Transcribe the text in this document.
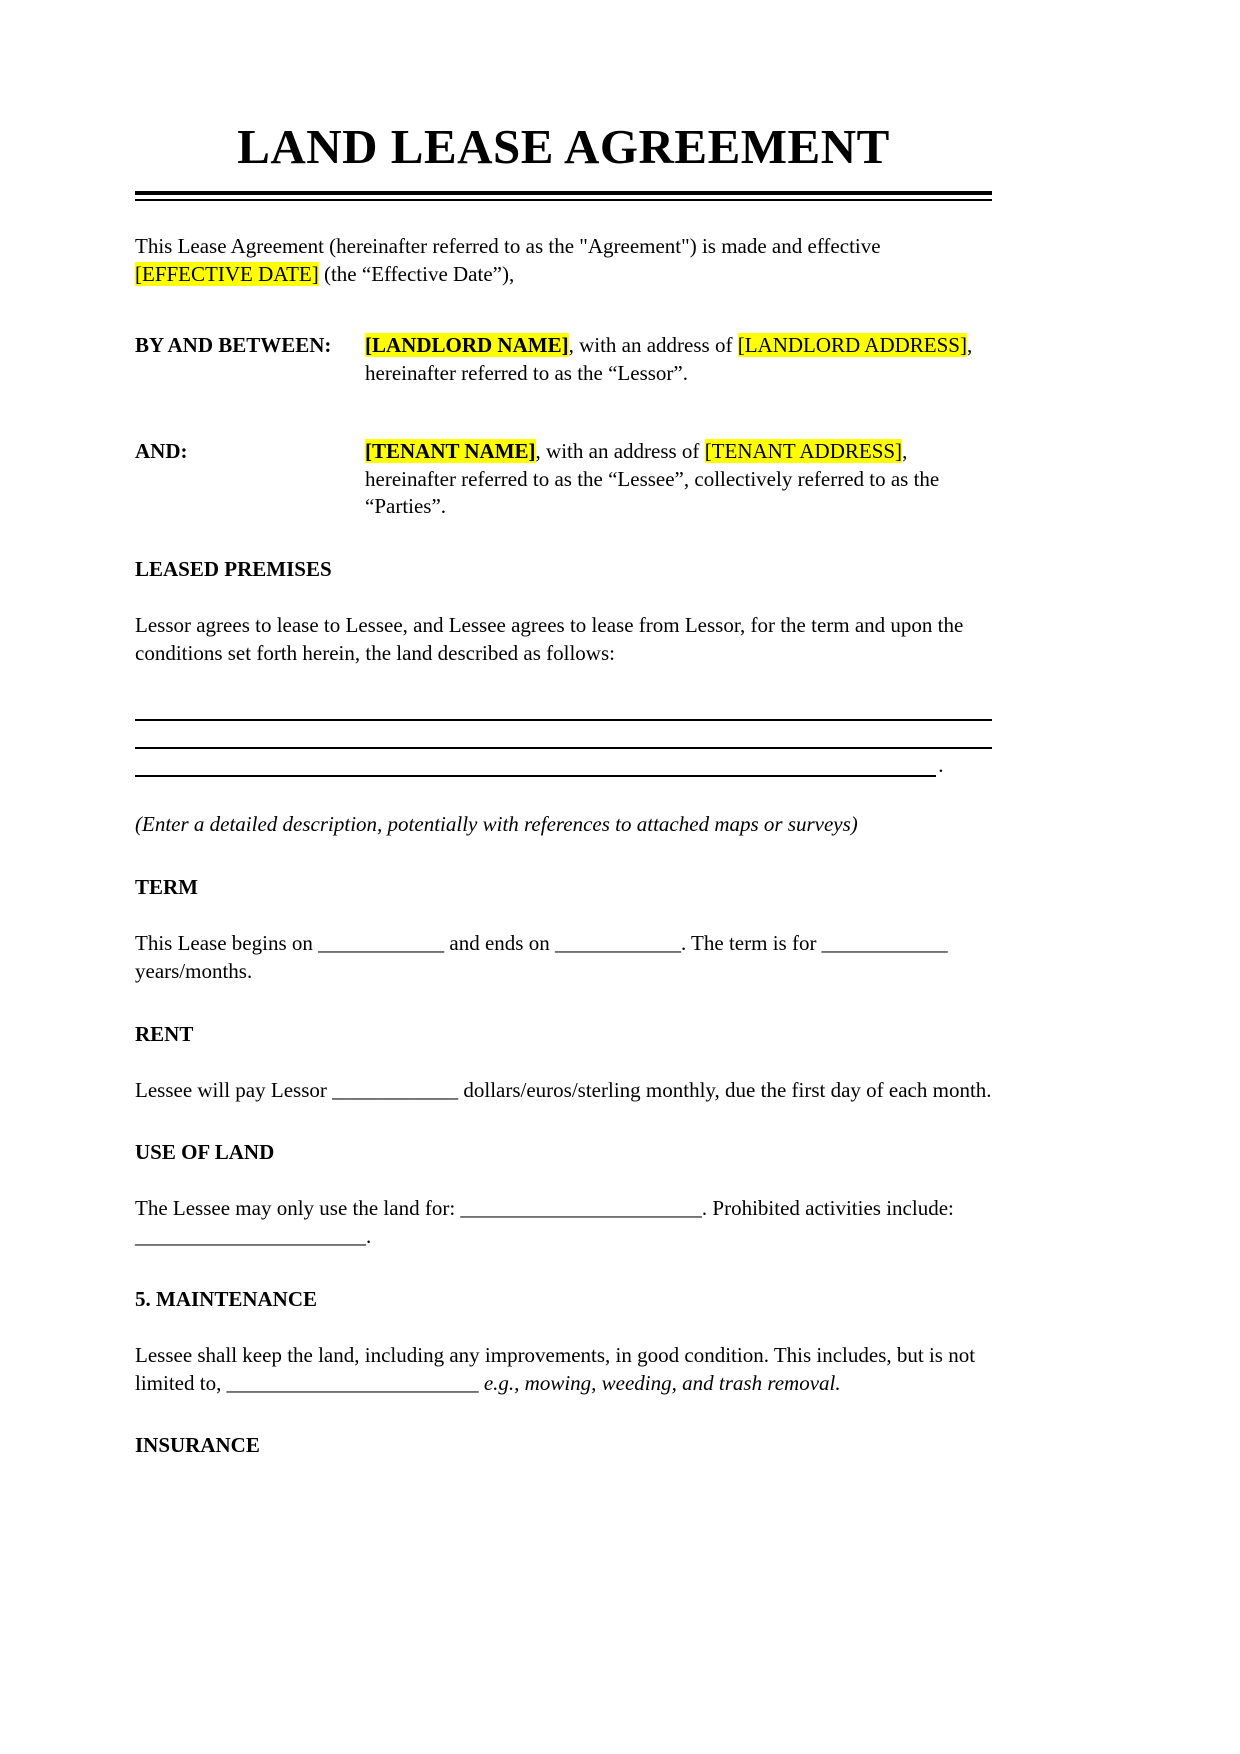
LAND LEASE AGREEMENT

This Lease Agreement (hereinafter referred to as the "Agreement") is made and effective [EFFECTIVE DATE] (the “Effective Date”),

BY AND BETWEEN:	[LANDLORD NAME], with an address of [LANDLORD ADDRESS], hereinafter referred to as the “Lessor”.
AND:	[TENANT NAME], with an address of [TENANT ADDRESS], hereinafter referred to as the “Lessee”, collectively referred to as the “Parties”.
LEASED PREMISES

Lessor agrees to lease to Lessee, and Lessee agrees to lease from Lessor, for the term and upon the conditions set forth herein, the land described as follows:

.

(Enter a detailed description, potentially with references to attached maps or surveys)

TERM

This Lease begins on ____________ and ends on ____________. The term is for ____________ years/months.

RENT

Lessee will pay Lessor ____________ dollars/euros/sterling monthly, due the first day of each month.

USE OF LAND

The Lessee may only use the land for: _______________________. Prohibited activities include: ______________________.

5. MAINTENANCE

Lessee shall keep the land, including any improvements, in good condition. This includes, but is not limited to, ________________________ e.g., mowing, weeding, and trash removal.

INSURANCE
